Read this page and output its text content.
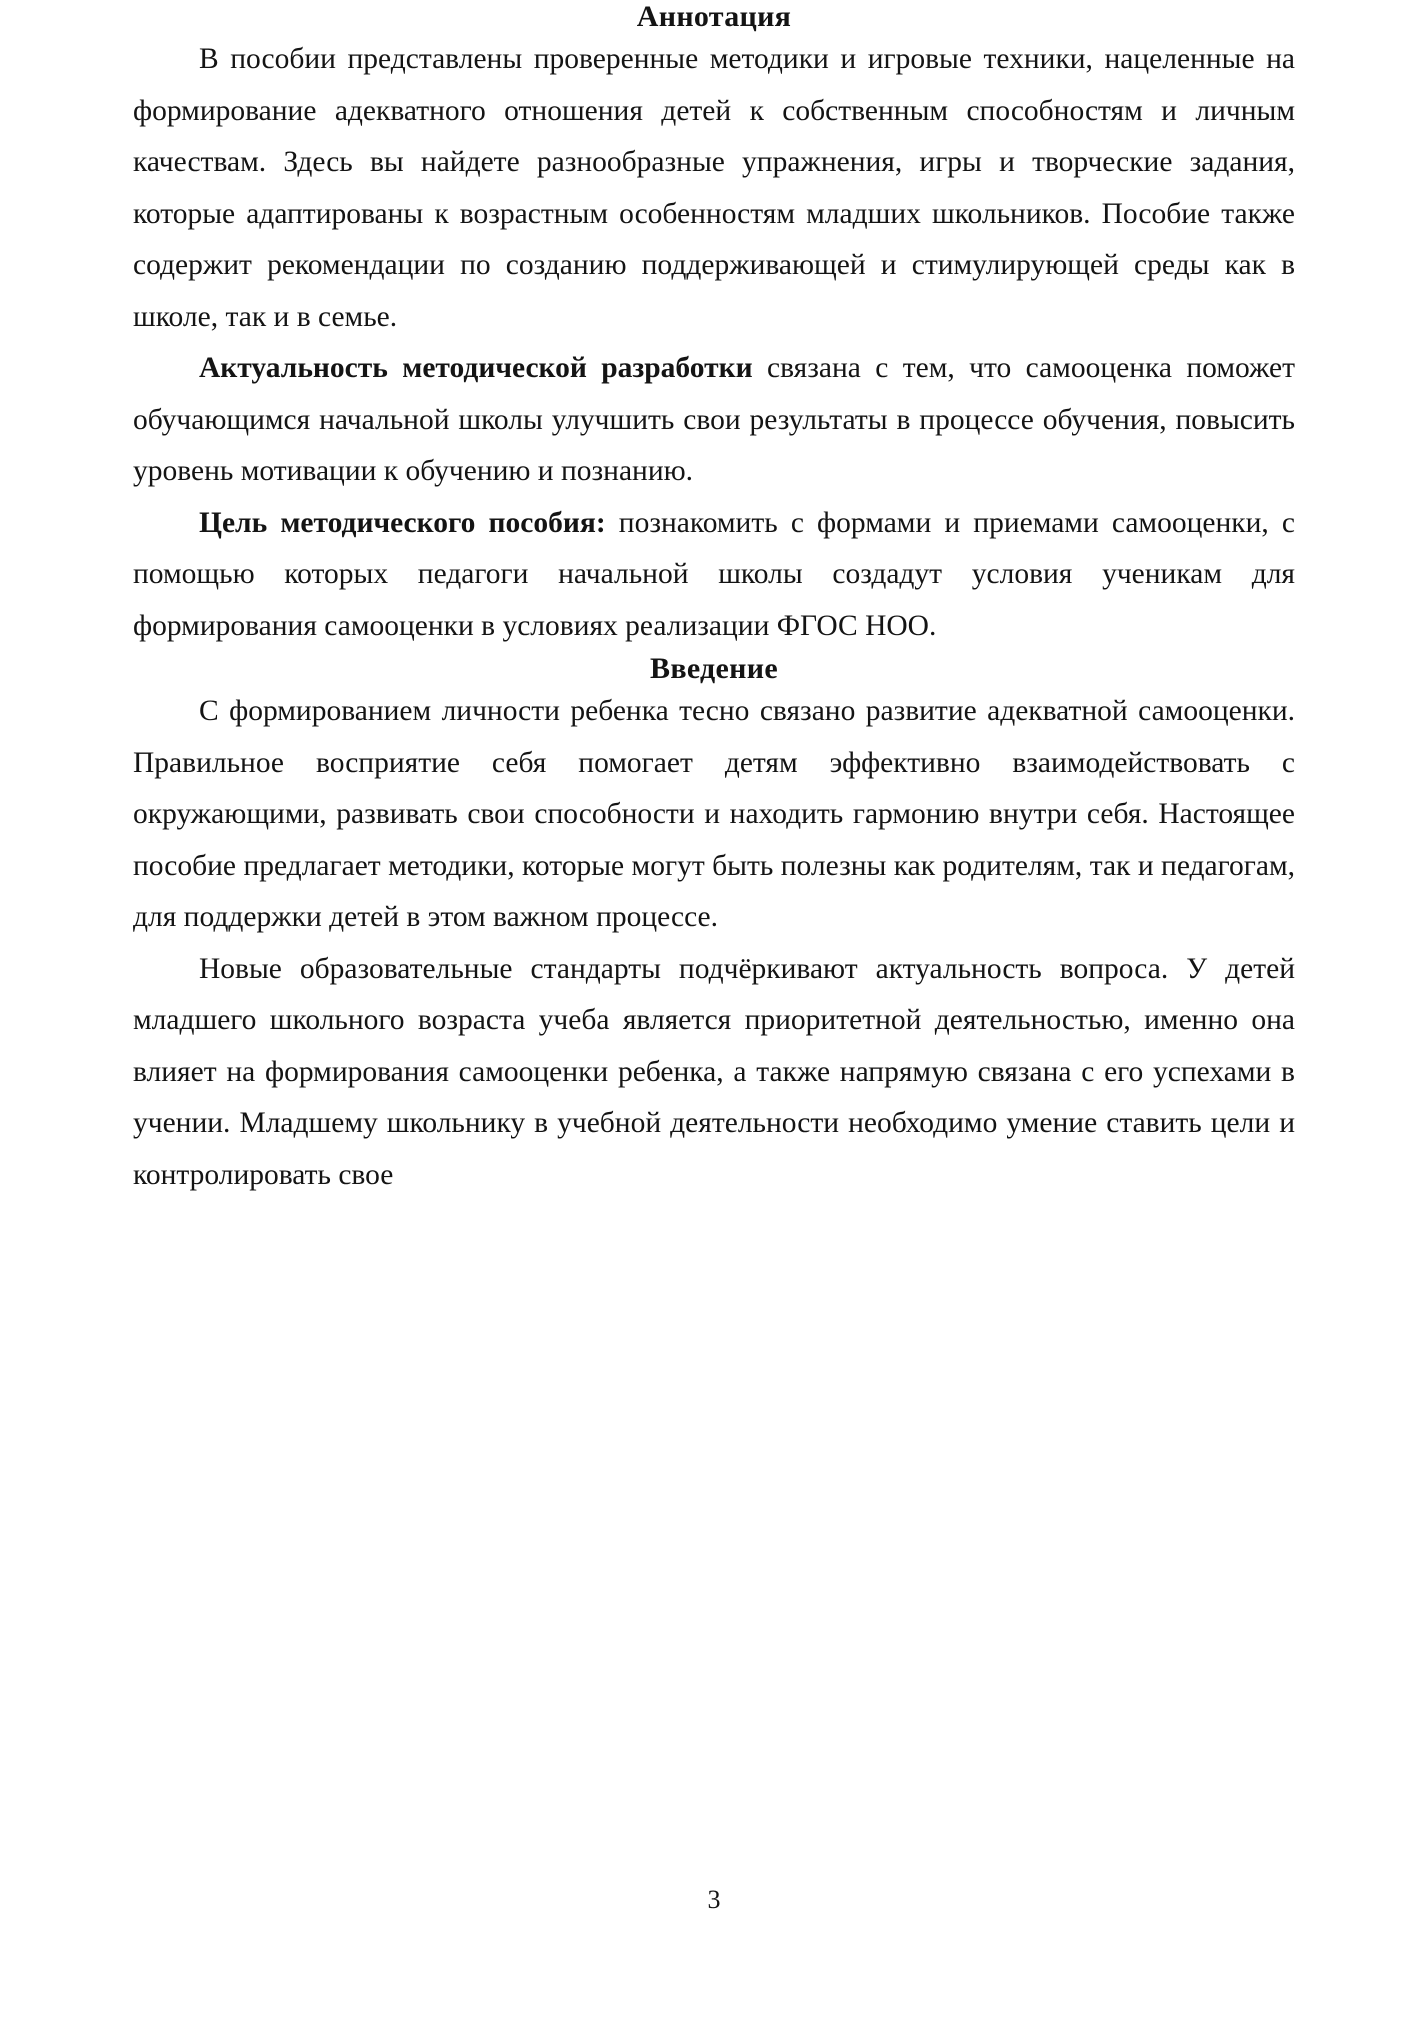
Аннотация

В пособии представлены проверенные методики и игровые техники, нацеленные на формирование адекватного отношения детей к собственным способностям и личным качествам. Здесь вы найдете разнообразные упражнения, игры и творческие задания, которые адаптированы к возрастным особенностям младших школьников. Пособие также содержит рекомендации по созданию поддерживающей и стимулирующей среды как в школе, так и в семье.

Актуальность методической разработки связана с тем, что самооценка поможет обучающимся начальной школы улучшить свои результаты в процессе обучения, повысить уровень мотивации к обучению и познанию.

Цель методического пособия: познакомить с формами и приемами самооценки, с помощью которых педагоги начальной школы создадут условия ученикам для формирования самооценки в условиях реализации ФГОС НОО.

Введение

С формированием личности ребенка тесно связано развитие адекватной самооценки. Правильное восприятие себя помогает детям эффективно взаимодействовать с окружающими, развивать свои способности и находить гармонию внутри себя. Настоящее пособие предлагает методики, которые могут быть полезны как родителям, так и педагогам, для поддержки детей в этом важном процессе.

Новые образовательные стандарты подчёркивают актуальность вопроса. У детей младшего школьного возраста учеба является приоритетной деятельностью, именно она влияет на формирования самооценки ребенка, а также напрямую связана с его успехами в учении. Младшему школьнику в учебной деятельности необходимо умение ставить цели и контролировать свое

3
